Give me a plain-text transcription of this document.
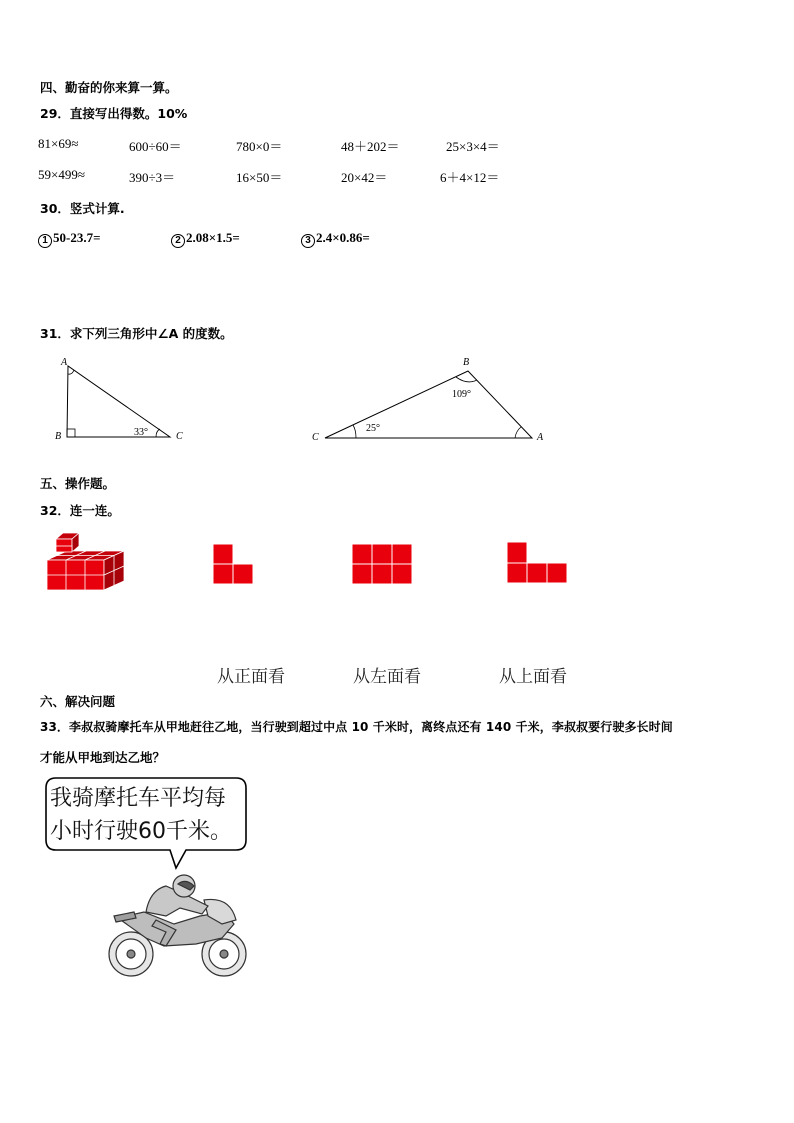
四、勤奋的你来算一算。
29．直接写出得数。10%
81×69≈	600÷60＝	780×0＝	48＋202＝	25×3×4＝
59×499≈	390÷3＝	16×50＝	20×42＝	6＋4×12＝
30．竖式计算.
1 50-23.7=	2 2.08×1.5=	3 2.4×0.86=
31．求下列三角形中∠A 的度数。
A
B	C
33°
B
C	A
109°
25°
五、操作题。
32．连一连。
从正面看	从左面看	从上面看
六、解决问题
33．李叔叔骑摩托车从甲地赶往乙地，当行驶到超过中点 10 千米时，离终点还有 140 千米，李叔叔要行驶多长时间
才能从甲地到达乙地？
我骑摩托车平均每
小时行驶60千米。
